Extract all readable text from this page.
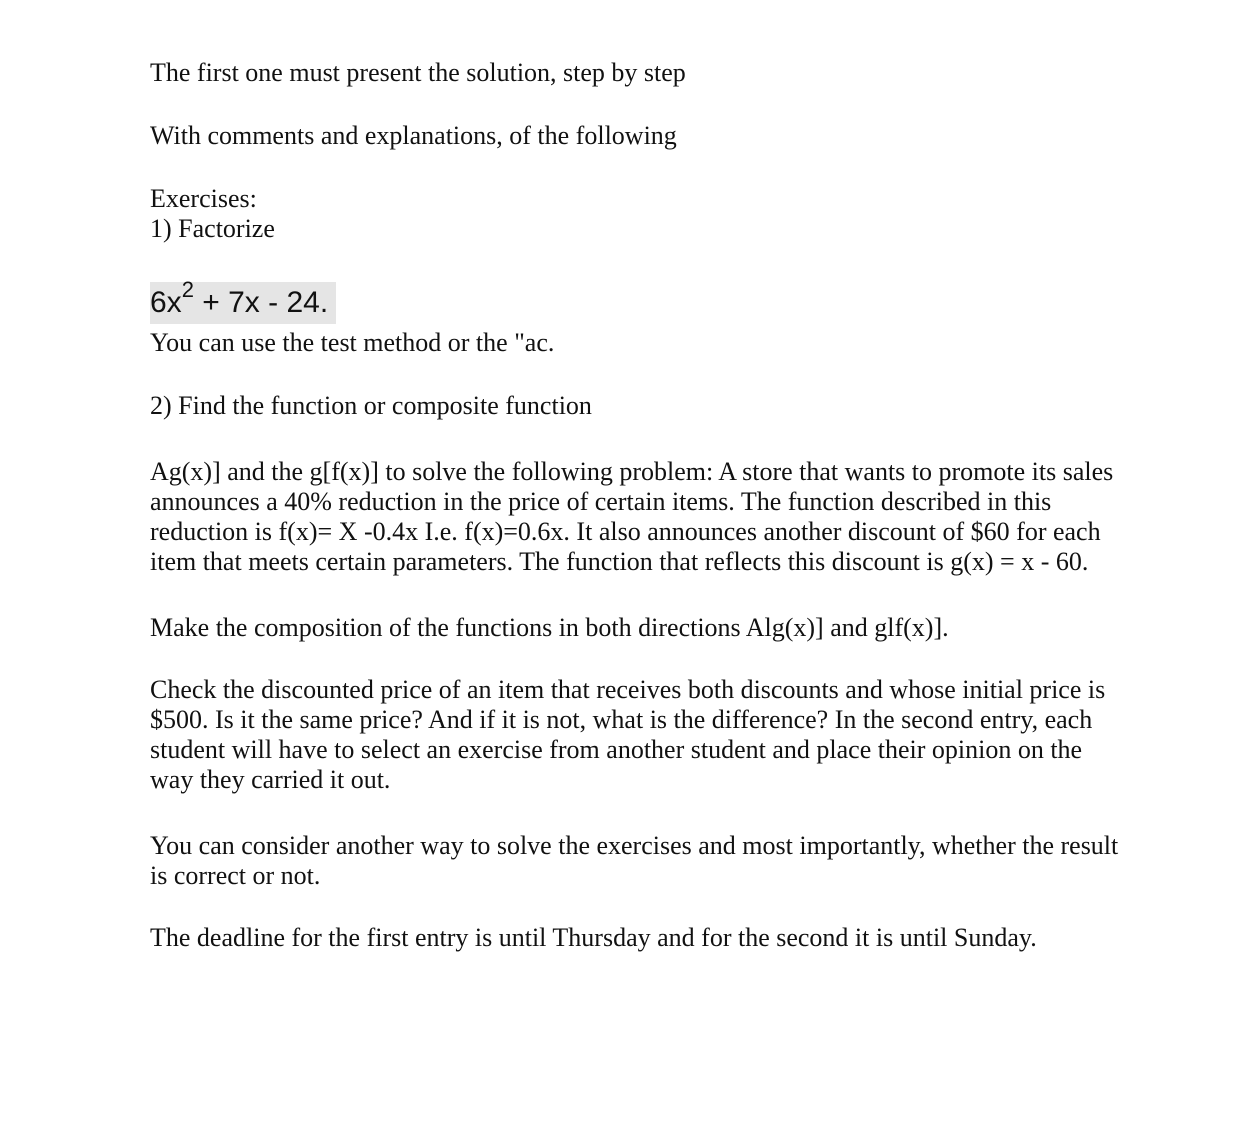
The first one must present the solution, step by step

With comments and explanations, of the following

Exercises:

1) Factorize

$6x^2 + 7x - 24$.

You can use the test method or the "ac.

2) Find the function or composite function

Ag(x)] and the g[f(x)] to solve the following problem: A store that wants to promote its sales announces a 40% reduction in the price of certain items. The function described in this reduction is f(x)= X -0.4x I.e. f(x)=0.6x. It also announces another discount of $60 for each item that meets certain parameters. The function that reflects this discount is g(x) = x - 60.

Make the composition of the functions in both directions Alg(x)] and glf(x)].

Check the discounted price of an item that receives both discounts and whose initial price is $500. Is it the same price? And if it is not, what is the difference? In the second entry, each student will have to select an exercise from another student and place their opinion on the way they carried it out.

You can consider another way to solve the exercises and most importantly, whether the result is correct or not.

The deadline for the first entry is until Thursday and for the second it is until Sunday.
